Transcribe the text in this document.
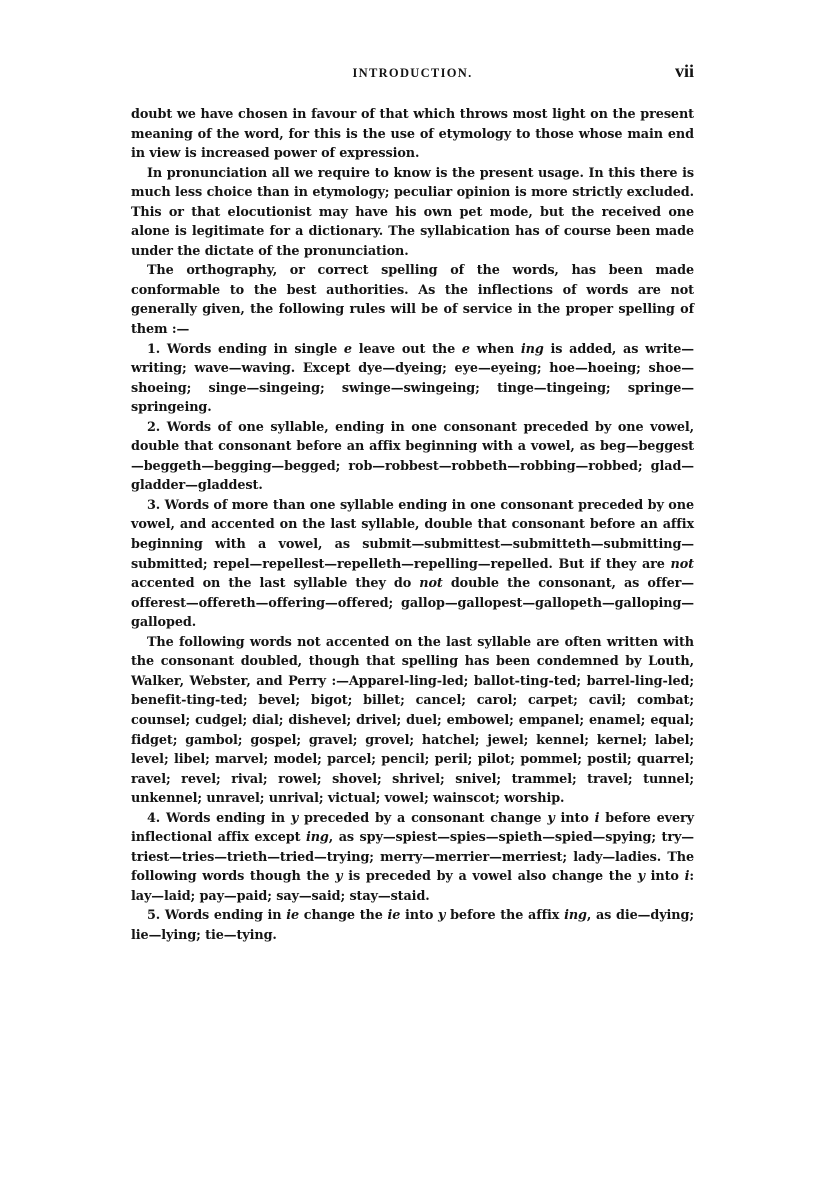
INTRODUCTION.	vii

doubt we have chosen in favour of that which throws most light on the present meaning of the word, for this is the use of etymology to those whose main end in view is increased power of expression.

In pronunciation all we require to know is the present usage. In this there is much less choice than in etymology; peculiar opinion is more strictly excluded. This or that elocutionist may have his own pet mode, but the received one alone is legitimate for a dictionary. The syllabication has of course been made under the dictate of the pronunciation.

The orthography, or correct spelling of the words, has been made conformable to the best authorities. As the inflections of words are not generally given, the following rules will be of service in the proper spelling of them :—

1. Words ending in single e leave out the e when ing is added, as write—writing; wave—waving. Except dye—dyeing; eye—eyeing; hoe—hoeing; shoe—shoeing; singe—singeing; swinge—swingeing; tinge—tingeing; springe—springeing.

2. Words of one syllable, ending in one consonant preceded by one vowel, double that consonant before an affix beginning with a vowel, as beg—beggest—beggeth—begging—begged; rob—robbest—robbeth—robbing—robbed; glad—gladder—gladdest.

3. Words of more than one syllable ending in one consonant preceded by one vowel, and accented on the last syllable, double that consonant before an affix beginning with a vowel, as submit—submittest—submitteth—submitting—submitted; repel—repellest—repelleth—repelling—repelled. But if they are not accented on the last syllable they do not double the consonant, as offer—offerest—offereth—offering—offered; gallop—gallopest—gallopeth—galloping—galloped.

The following words not accented on the last syllable are often written with the consonant doubled, though that spelling has been condemned by Louth, Walker, Webster, and Perry :—Apparel-ling-led; ballot-ting-ted; barrel-ling-led; benefit-ting-ted; bevel; bigot; billet; cancel; carol; carpet; cavil; combat; counsel; cudgel; dial; dishevel; drivel; duel; embowel; empanel; enamel; equal; fidget; gambol; gospel; gravel; grovel; hatchel; jewel; kennel; kernel; label; level; libel; marvel; model; parcel; pencil; peril; pilot; pommel; postil; quarrel; ravel; revel; rival; rowel; shovel; shrivel; snivel; trammel; travel; tunnel; unkennel; unravel; unrival; victual; vowel; wainscot; worship.

4. Words ending in y preceded by a consonant change y into i before every inflectional affix except ing, as spy—spiest—spies—spieth—spied—spying; try—triest—tries—trieth—tried—trying; merry—merrier—merriest; lady—ladies. The following words though the y is preceded by a vowel also change the y into i: lay—laid; pay—paid; say—said; stay—staid.

5. Words ending in ie change the ie into y before the affix ing, as die—dying; lie—lying; tie—tying.
